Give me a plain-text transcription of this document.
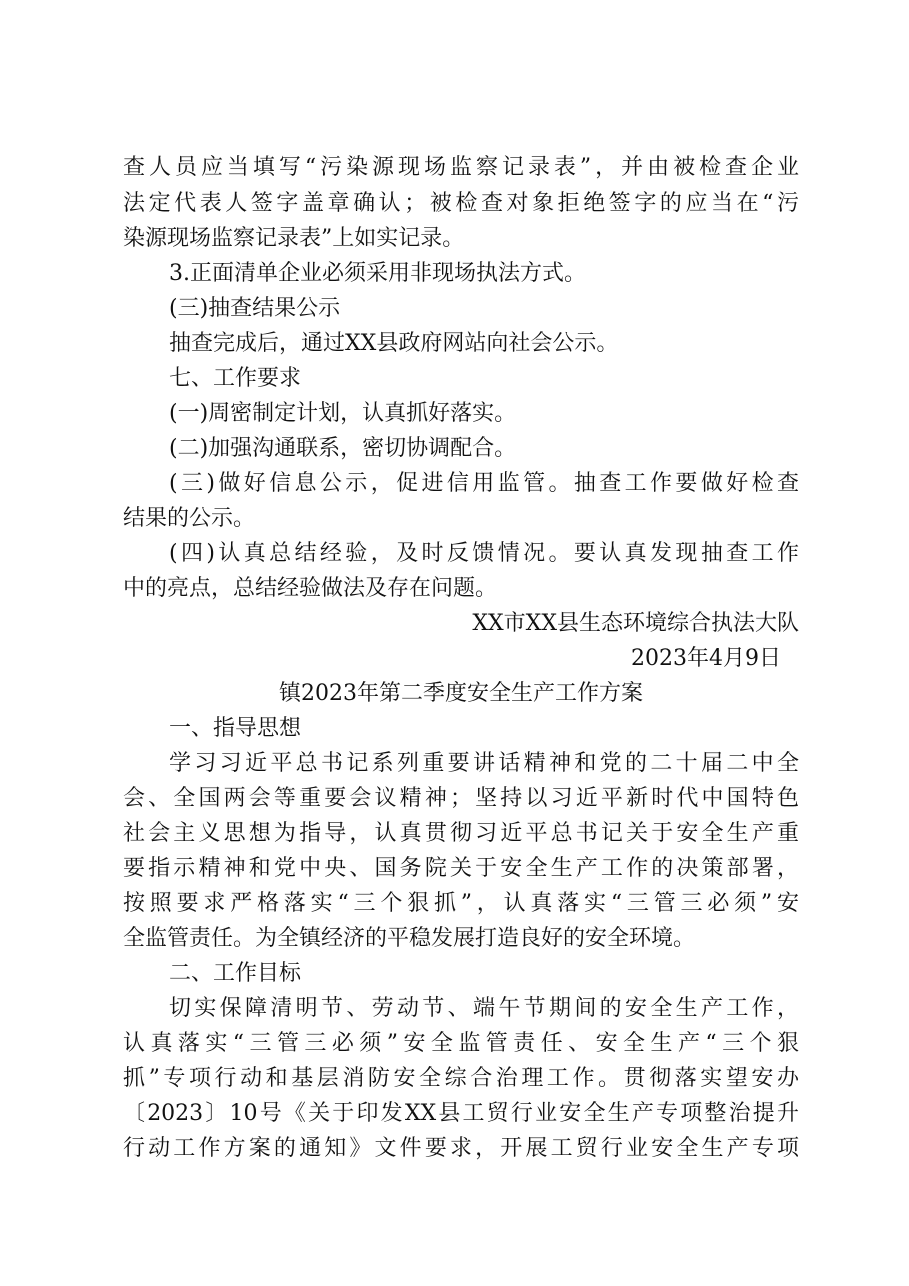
查人员应当填写“污染源现场监察记录表”，并由被检查企业
法定代表人签字盖章确认；被检查对象拒绝签字的应当在“污
染源现场监察记录表”上如实记录。
3.正面清单企业必须采用非现场执法方式。
(三)抽查结果公示
抽查完成后，通过XX县政府网站向社会公示。
七、工作要求
(一)周密制定计划，认真抓好落实。
(二)加强沟通联系，密切协调配合。
(三)做好信息公示，促进信用监管。抽查工作要做好检查
结果的公示。
(四)认真总结经验，及时反馈情况。要认真发现抽查工作
中的亮点，总结经验做法及存在问题。
XX市XX县生态环境综合执法大队
2023年4月9日
镇2023年第二季度安全生产工作方案
一、指导思想
学习习近平总书记系列重要讲话精神和党的二十届二中全
会、全国两会等重要会议精神；坚持以习近平新时代中国特色
社会主义思想为指导，认真贯彻习近平总书记关于安全生产重
要指示精神和党中央、国务院关于安全生产工作的决策部署，
按照要求严格落实“三个狠抓”，认真落实“三管三必须”安
全监管责任。为全镇经济的平稳发展打造良好的安全环境。
二、工作目标
切实保障清明节、劳动节、端午节期间的安全生产工作，
认真落实“三管三必须”安全监管责任、安全生产“三个狠
抓”专项行动和基层消防安全综合治理工作。贯彻落实望安办
〔2023〕10号《关于印发XX县工贸行业安全生产专项整治提升
行动工作方案的通知》文件要求，开展工贸行业安全生产专项
